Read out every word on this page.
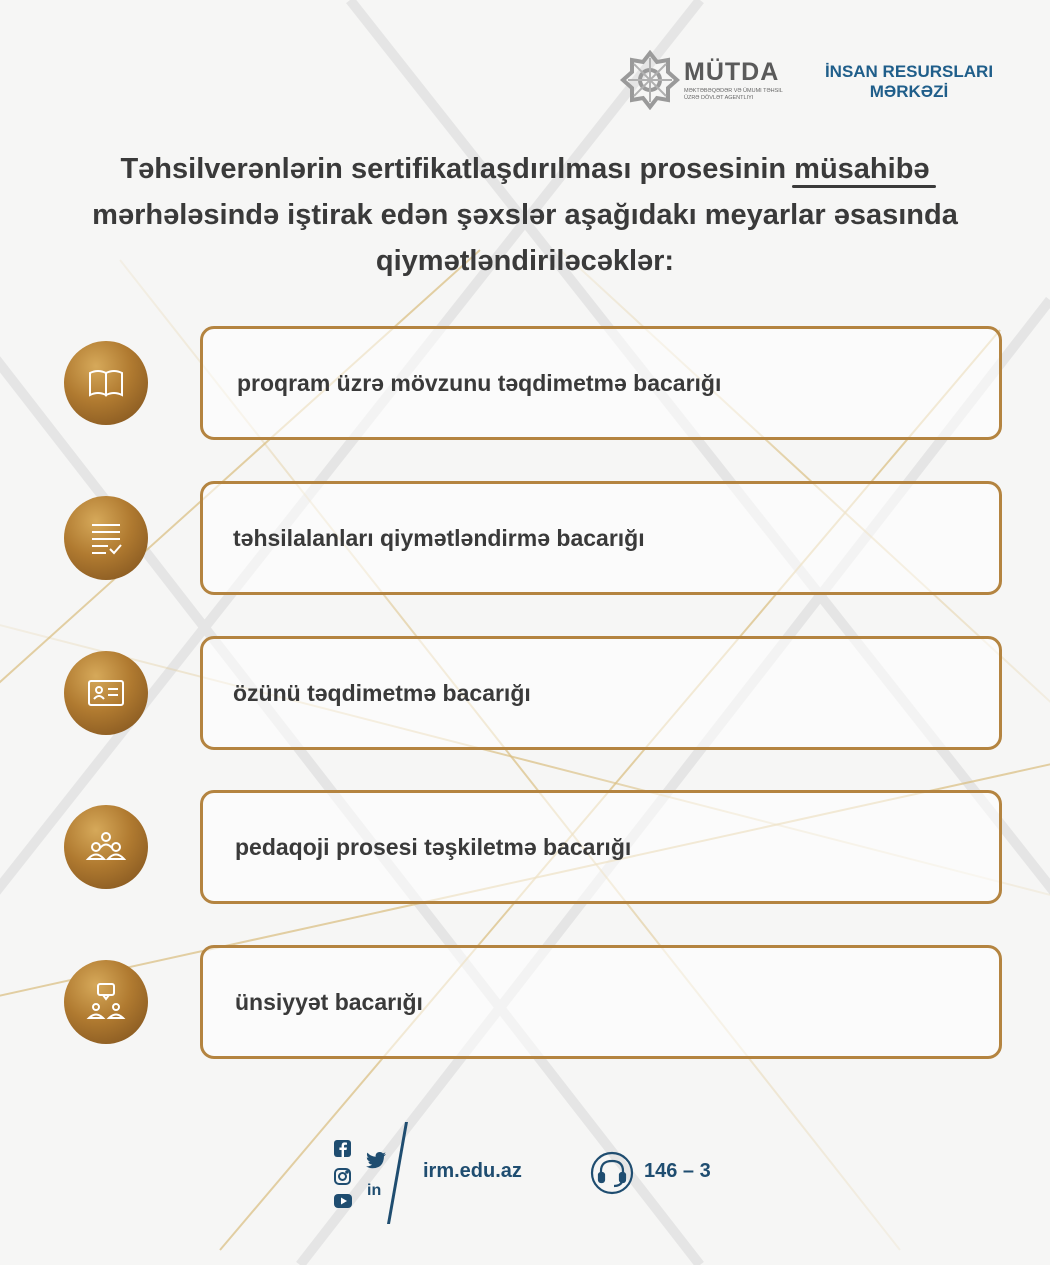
MÜTDA
MƏKTƏBƏQƏDƏR VƏ ÜMUMI TƏHSIL ÜZRƏ DÖVLƏT AGENTLIYI
İNSAN RESURSLARI
MƏRKƏZİ
Təhsilverənlərin sertifikatlaşdırılması prosesinin müsahibə mərhələsində iştirak edən şəxslər aşağıdakı meyarlar əsasında qiymətləndiriləcəklər:
proqram üzrə mövzunu təqdimetmə bacarığı
təhsilalanları qiymətləndirmə bacarığı
özünü təqdimetmə bacarığı
pedaqoji prosesi təşkiletmə bacarığı
ünsiyyət bacarığı
in
irm.edu.az	146 – 3
